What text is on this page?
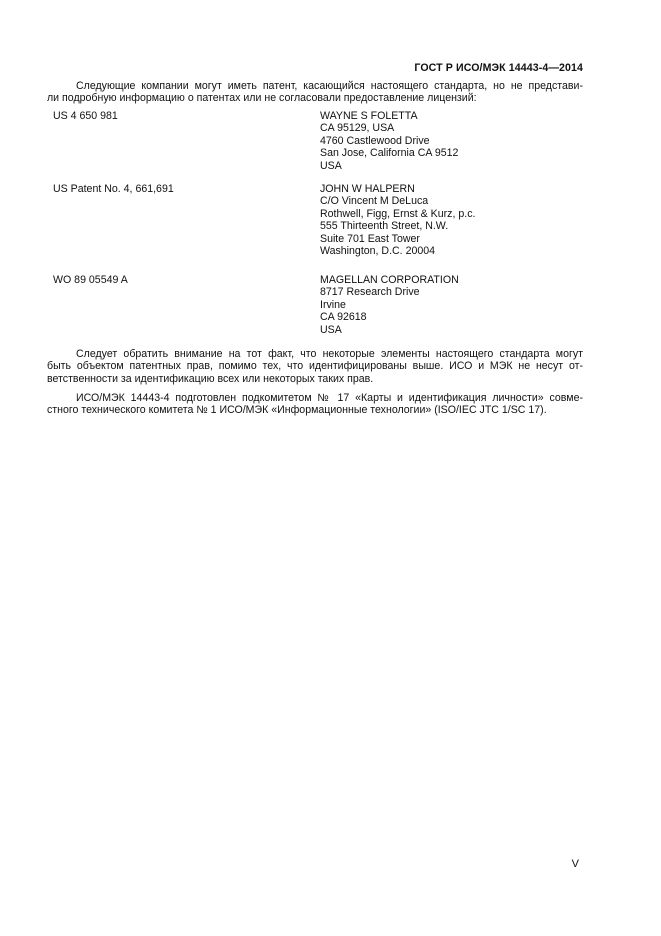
ГОСТ Р ИСО/МЭК 14443-4—2014

Следующие компании могут иметь патент, касающийся настоящего стандарта, но не представи-
ли подробную информацию о патентах или не согласовали предоставление лицензий:

US 4 650 981	WAYNE S FOLETTA
CA 95129, USA
4760 Castlewood Drive
San Jose, California CA 9512
USA
US Patent No. 4, 661,691	JOHN W HALPERN
C/O Vincent M DeLuca
Rothwell, Figg, Ernst & Kurz, p.c.
555 Thirteenth Street, N.W.
Suite 701 East Tower
Washington, D.C. 20004
WO 89 05549 A	MAGELLAN CORPORATION
8717 Research Drive
Irvine
CA 92618
USA

Следует обратить внимание на тот факт, что некоторые элементы настоящего стандарта могут
быть объектом патентных прав, помимо тех, что идентифицированы выше. ИСО и МЭК не несут от-
ветственности за идентификацию всех или некоторых таких прав.

ИСО/МЭК 14443-4 подготовлен подкомитетом № 17 «Карты и идентификация личности» совме-
стного технического комитета № 1 ИСО/МЭК «Информационные технологии» (ISO/IEC JTC 1/SC 17).

V
